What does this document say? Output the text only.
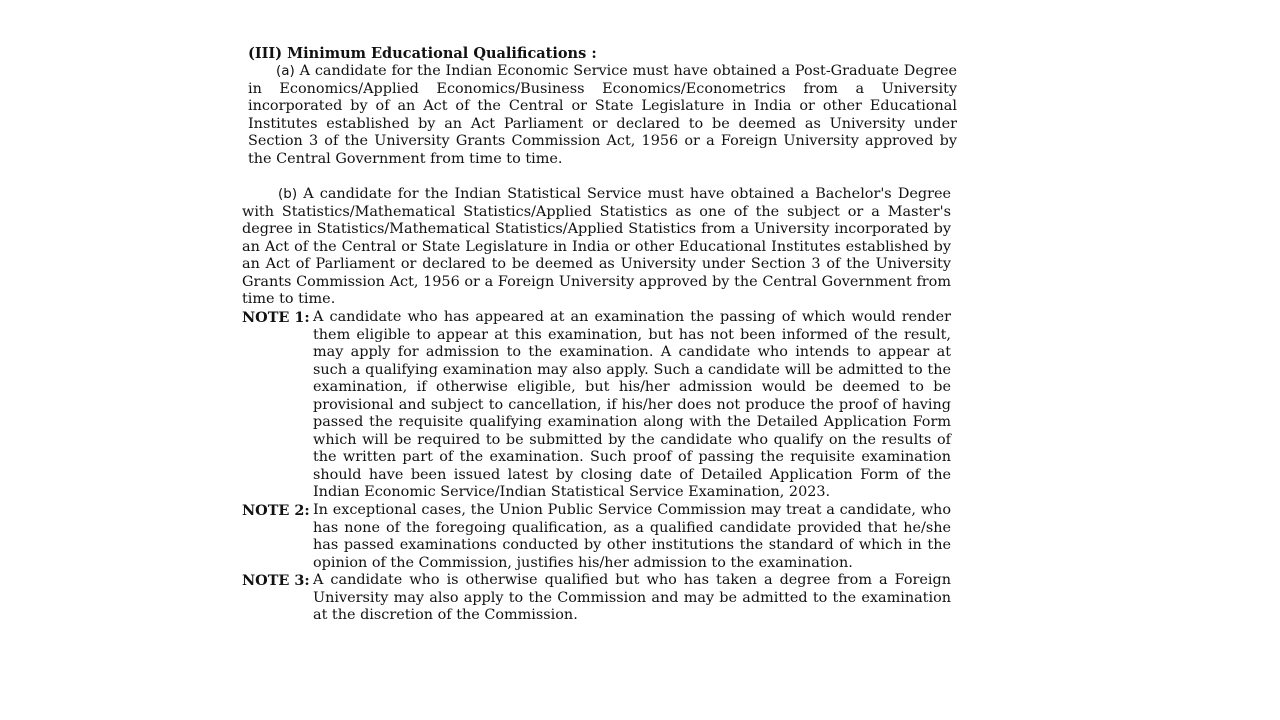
(III) Minimum Educational Qualifications :
(a) A candidate for the Indian Economic Service must have obtained a Post-Graduate Degree in Economics/Applied Economics/Business Economics/Econometrics from a University incorporated by of an Act of the Central or State Legislature in India or other Educational Institutes established by an Act Parliament or declared to be deemed as University under Section 3 of the University Grants Commission Act, 1956 or a Foreign University approved by the Central Government from time to time.
(b) A candidate for the Indian Statistical Service must have obtained a Bachelor's Degree with Statistics/Mathematical Statistics/Applied Statistics as one of the subject or a Master's degree in Statistics/Mathematical Statistics/Applied Statistics from a University incorporated by an Act of the Central or State Legislature in India or other Educational Institutes established by an Act of Parliament or declared to be deemed as University under Section 3 of the University Grants Commission Act, 1956 or a Foreign University approved by the Central Government from time to time.
NOTE 1: A candidate who has appeared at an examination the passing of which would render them eligible to appear at this examination, but has not been informed of the result, may apply for admission to the examination. A candidate who intends to appear at such a qualifying examination may also apply. Such a candidate will be admitted to the examination, if otherwise eligible, but his/her admission would be deemed to be provisional and subject to cancellation, if his/her does not produce the proof of having passed the requisite qualifying examination along with the Detailed Application Form which will be required to be submitted by the candidate who qualify on the results of the written part of the examination. Such proof of passing the requisite examination should have been issued latest by closing date of Detailed Application Form of the Indian Economic Service/Indian Statistical Service Examination, 2023.
NOTE 2: In exceptional cases, the Union Public Service Commission may treat a candidate, who has none of the foregoing qualification, as a qualified candidate provided that he/she has passed examinations conducted by other institutions the standard of which in the opinion of the Commission, justifies his/her admission to the examination.
NOTE 3: A candidate who is otherwise qualified but who has taken a degree from a Foreign University may also apply to the Commission and may be admitted to the examination at the discretion of the Commission.
